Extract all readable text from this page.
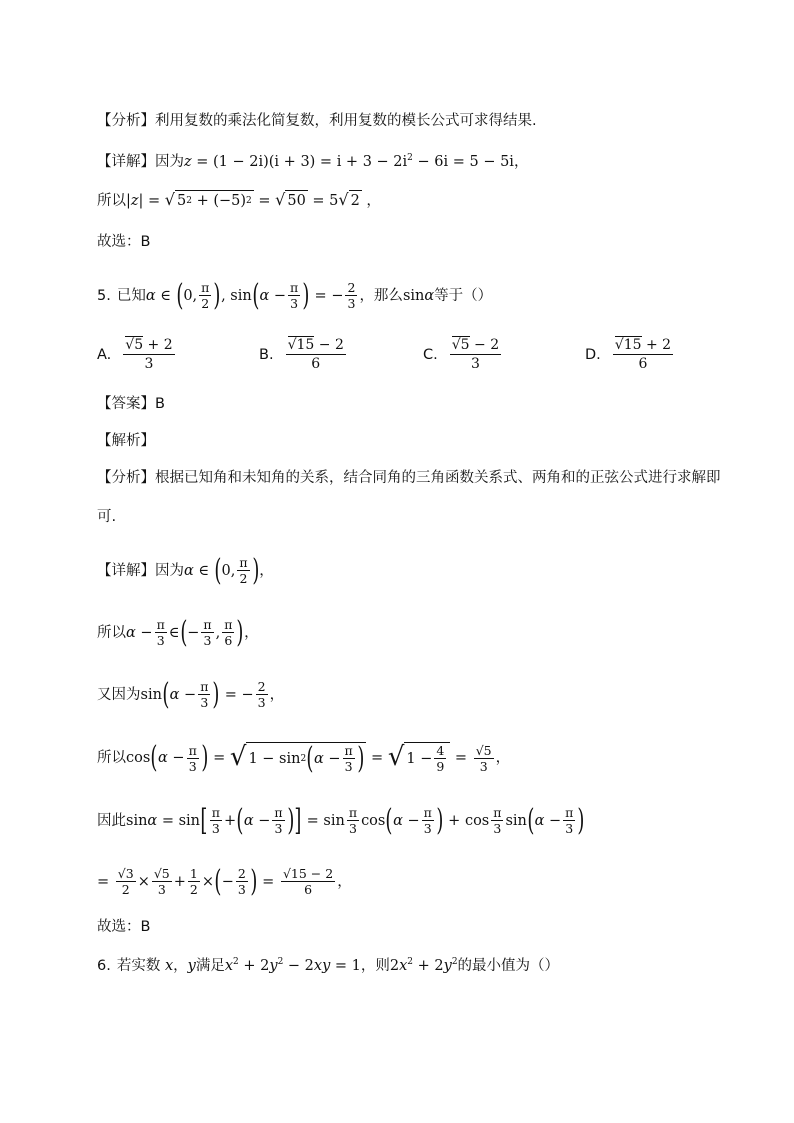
【分析】利用复数的乘法化简复数，利用复数的模长公式可求得结果.
【详解】因为 $z = (1 - 2i)(i + 3) = i + 3 - 2i^2 - 6i = 5 - 5i$，
所以 |z| = √ 5 2 + (−5) 2 = √ 50 = 5 √ 2 ，
故选：B
5. 已知 α ∈ ( 0, $\frac{\pi}{2}$ ) , sin ( $\alpha - \frac{\pi}{3}$ ) = − $\frac{2}{3}$ ，那么 sin α 等于（）
A. $\frac{√5 + 2}{3}$	B. $\frac{√15 - 2}{6}$	C. $\frac{√5 - 2}{3}$	D. $\frac{√15 + 2}{6}$
【答案】B
【解析】
【分析】根据已知角和未知角的关系，结合同角的三角函数关系式、两角和的正弦公式进行求解即
可.
【详解】因为 α ∈ ( 0, $\frac{\pi}{2}$ ) ，
所以 $\alpha - \frac{\pi}{3}$ ∈ ( − $\frac{\pi}{3}$ , $\frac{\pi}{6}$ ) ，
又因为 sin ( $\alpha - \frac{\pi}{3}$ ) = − $\frac{2}{3}$ ，
所以 cos ( $\alpha - \frac{\pi}{3}$ ) = √ 1 − sin 2 ( $\alpha - \frac{\pi}{3}$ ) = √ $1 - \frac{4}{9} = \frac{√5}{3}$ ，
因此 sin α = sin [ $\frac{\pi}{3}$ + ( $\alpha - \frac{\pi}{3}$ ) ] = $\sin \frac{\pi}{3}$ cos ( $\alpha - \frac{\pi}{3}$ ) + $\cos \frac{\pi}{3}$ sin ( $\alpha - \frac{\pi}{3}$ )
= $\frac{√3}{2} \times \frac{√5}{3} + \frac{1}{2}$ × ( − $\frac{2}{3}$ ) = $\frac{√15 - 2}{6}$ ，
故选：B
6. 若实数 x ， y 满足 $x^2 + 2y^2 - 2xy = 1$ ，则 $2x^2 + 2y^2$ 的最小值为（）
